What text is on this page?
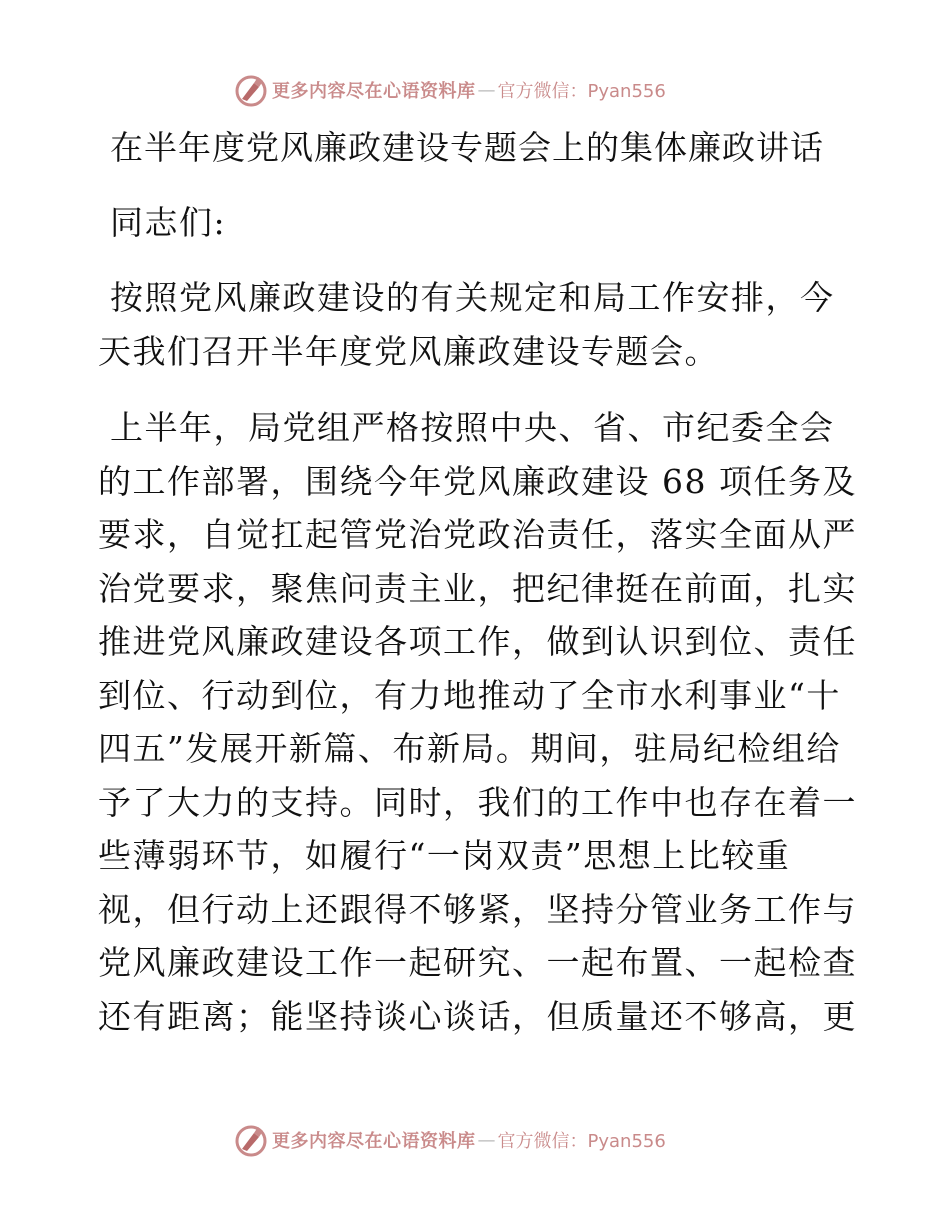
更多内容尽在心语资料库 — 官方微信：Pyan556
在半年度党风廉政建设专题会上的集体廉政讲话
同志们:
按照党风廉政建设的有关规定和局工作安排，今
天我们召开半年度党风廉政建设专题会。
上半年，局党组严格按照中央、省、市纪委全会
的工作部署，围绕今年党风廉政建设 68 项任务及
要求，自觉扛起管党治党政治责任，落实全面从严
治党要求，聚焦问责主业，把纪律挺在前面，扎实
推进党风廉政建设各项工作，做到认识到位、责任
到位、行动到位，有力地推动了全市水利事业“十
四五”发展开新篇、布新局。期间，驻局纪检组给
予了大力的支持。同时，我们的工作中也存在着一
些薄弱环节，如履行“一岗双责”思想上比较重
视，但行动上还跟得不够紧，坚持分管业务工作与
党风廉政建设工作一起研究、一起布置、一起检查
还有距离；能坚持谈心谈话，但质量还不够高，更
更多内容尽在心语资料库 — 官方微信：Pyan556
